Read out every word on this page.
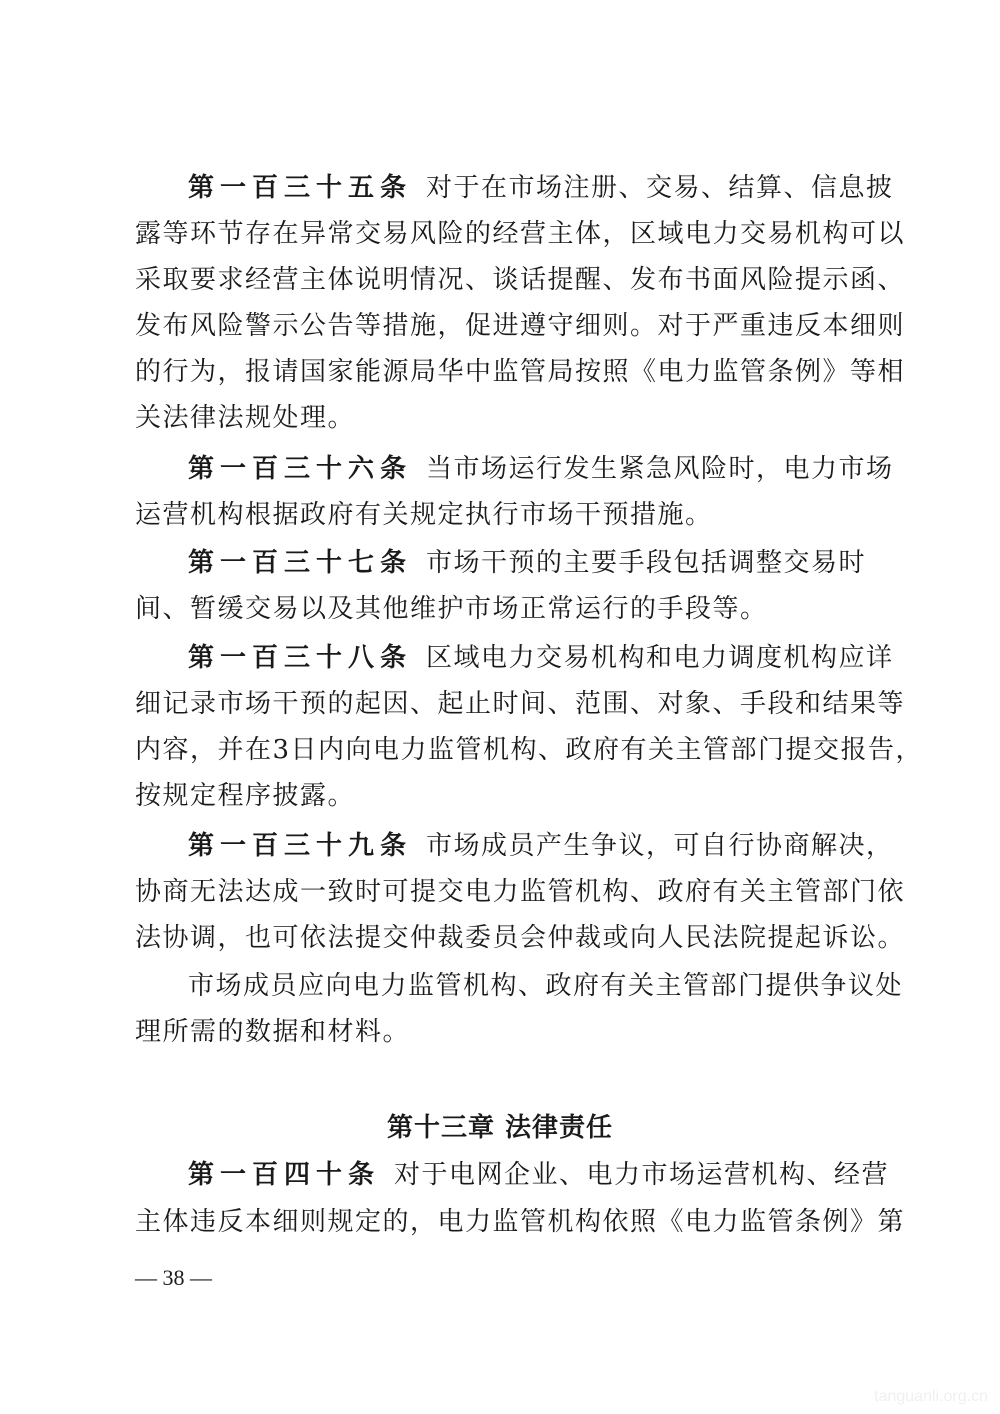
第一百三十五条 对于在市场注册、交易、结算、信息披
露等环节存在异常交易风险的经营主体，区域电力交易机构可以
采取要求经营主体说明情况、谈话提醒、发布书面风险提示函、
发布风险警示公告等措施，促进遵守细则。对于严重违反本细则
的行为，报请国家能源局华中监管局按照《电力监管条例》等相
关法律法规处理。
第一百三十六条 当市场运行发生紧急风险时，电力市场
运营机构根据政府有关规定执行市场干预措施。
第一百三十七条 市场干预的主要手段包括调整交易时
间、暂缓交易以及其他维护市场正常运行的手段等。
第一百三十八条 区域电力交易机构和电力调度机构应详
细记录市场干预的起因、起止时间、范围、对象、手段和结果等
内容，并在3日内向电力监管机构、政府有关主管部门提交报告，
按规定程序披露。
第一百三十九条 市场成员产生争议，可自行协商解决，
协商无法达成一致时可提交电力监管机构、政府有关主管部门依
法协调，也可依法提交仲裁委员会仲裁或向人民法院提起诉讼。
市场成员应向电力监管机构、政府有关主管部门提供争议处
理所需的数据和材料。
第十三章 法律责任
第一百四十条 对于电网企业、电力市场运营机构、经营
主体违反本细则规定的，电力监管机构依照《电力监管条例》第
— 38 —
tanguanli.org.cn
